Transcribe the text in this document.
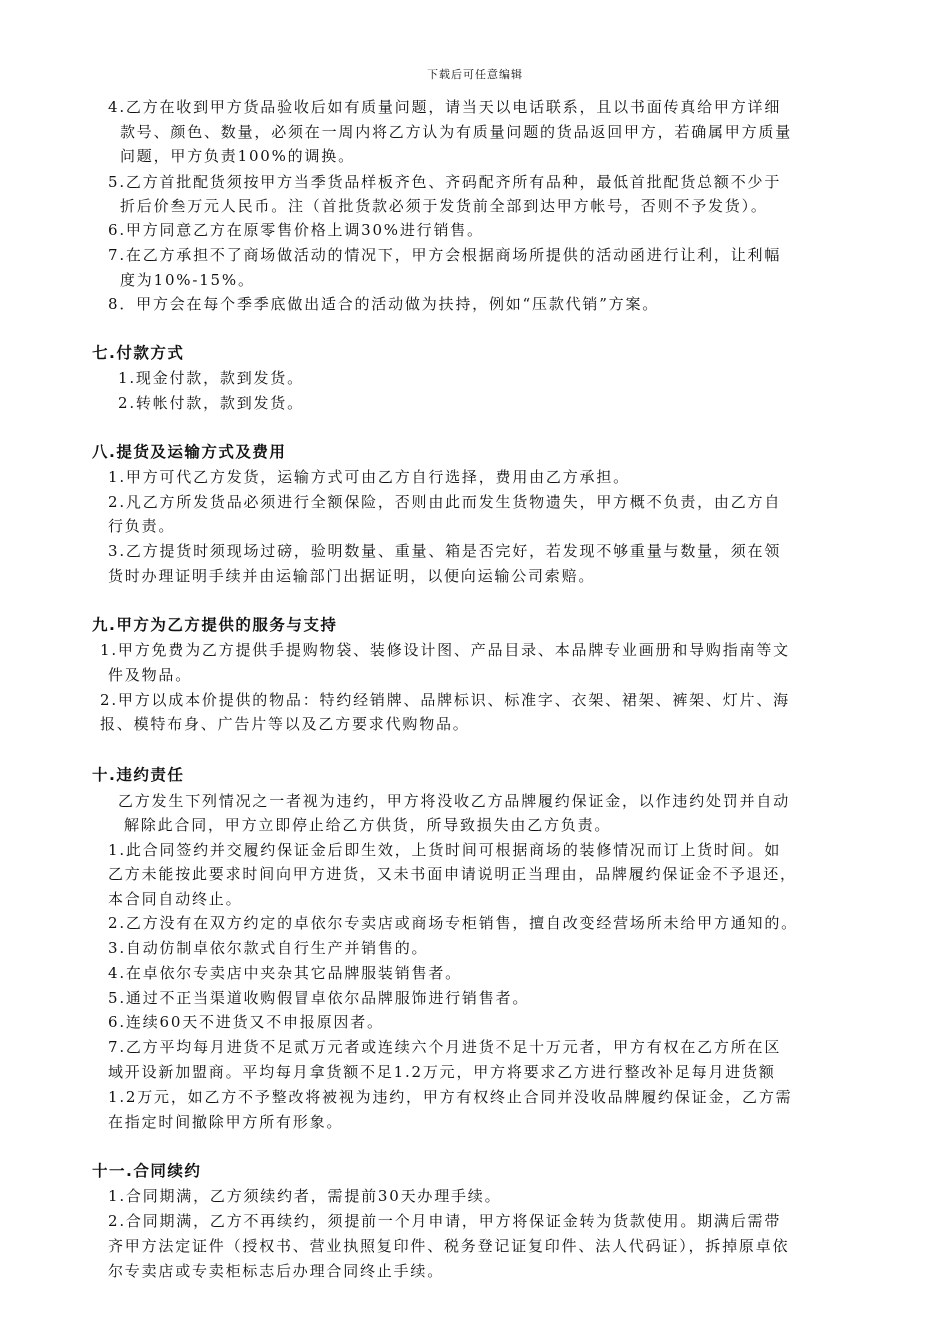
下载后可任意编辑
4.乙方在收到甲方货品验收后如有质量问题，请当天以电话联系，且以书面传真给甲方详细
款号、颜色、数量，必须在一周内将乙方认为有质量问题的货品返回甲方，若确属甲方质量
问题，甲方负责100%的调换。
5.乙方首批配货须按甲方当季货品样板齐色、齐码配齐所有品种，最低首批配货总额不少于
折后价叁万元人民币。注（首批货款必须于发货前全部到达甲方帐号，否则不予发货）。
6.甲方同意乙方在原零售价格上调30%进行销售。
7.在乙方承担不了商场做活动的情况下，甲方会根据商场所提供的活动函进行让利，让利幅
度为10%-15%。
8．甲方会在每个季季底做出适合的活动做为扶持，例如“压款代销”方案。
七.付款方式
1.现金付款，款到发货。
2.转帐付款，款到发货。
八.提货及运输方式及费用
1.甲方可代乙方发货，运输方式可由乙方自行选择，费用由乙方承担。
2.凡乙方所发货品必须进行全额保险，否则由此而发生货物遗失，甲方概不负责，由乙方自
行负责。
3.乙方提货时须现场过磅，验明数量、重量、箱是否完好，若发现不够重量与数量，须在领
货时办理证明手续并由运输部门出据证明，以便向运输公司索赔。
九.甲方为乙方提供的服务与支持
1.甲方免费为乙方提供手提购物袋、装修设计图、产品目录、本品牌专业画册和导购指南等文
件及物品。
2.甲方以成本价提供的物品：特约经销牌、品牌标识、标准字、衣架、裙架、裤架、灯片、海
报、模特布身、广告片等以及乙方要求代购物品。
十.违约责任
乙方发生下列情况之一者视为违约，甲方将没收乙方品牌履约保证金，以作违约处罚并自动
解除此合同，甲方立即停止给乙方供货，所导致损失由乙方负责。
1.此合同签约并交履约保证金后即生效，上货时间可根据商场的装修情况而订上货时间。如
乙方未能按此要求时间向甲方进货，又未书面申请说明正当理由，品牌履约保证金不予退还，
本合同自动终止。
2.乙方没有在双方约定的卓依尔专卖店或商场专柜销售，擅自改变经营场所未给甲方通知的。
3.自动仿制卓依尔款式自行生产并销售的。
4.在卓依尔专卖店中夹杂其它品牌服装销售者。
5.通过不正当渠道收购假冒卓依尔品牌服饰进行销售者。
6.连续60天不进货又不申报原因者。
7.乙方平均每月进货不足贰万元者或连续六个月进货不足十万元者，甲方有权在乙方所在区
域开设新加盟商。平均每月拿货额不足1.2万元，甲方将要求乙方进行整改补足每月进货额
1.2万元，如乙方不予整改将被视为违约，甲方有权终止合同并没收品牌履约保证金，乙方需
在指定时间撤除甲方所有形象。
十一.合同续约
1.合同期满，乙方须续约者，需提前30天办理手续。
2.合同期满，乙方不再续约，须提前一个月申请，甲方将保证金转为货款使用。期满后需带
齐甲方法定证件（授权书、营业执照复印件、税务登记证复印件、法人代码证），拆掉原卓依
尔专卖店或专卖柜标志后办理合同终止手续。
